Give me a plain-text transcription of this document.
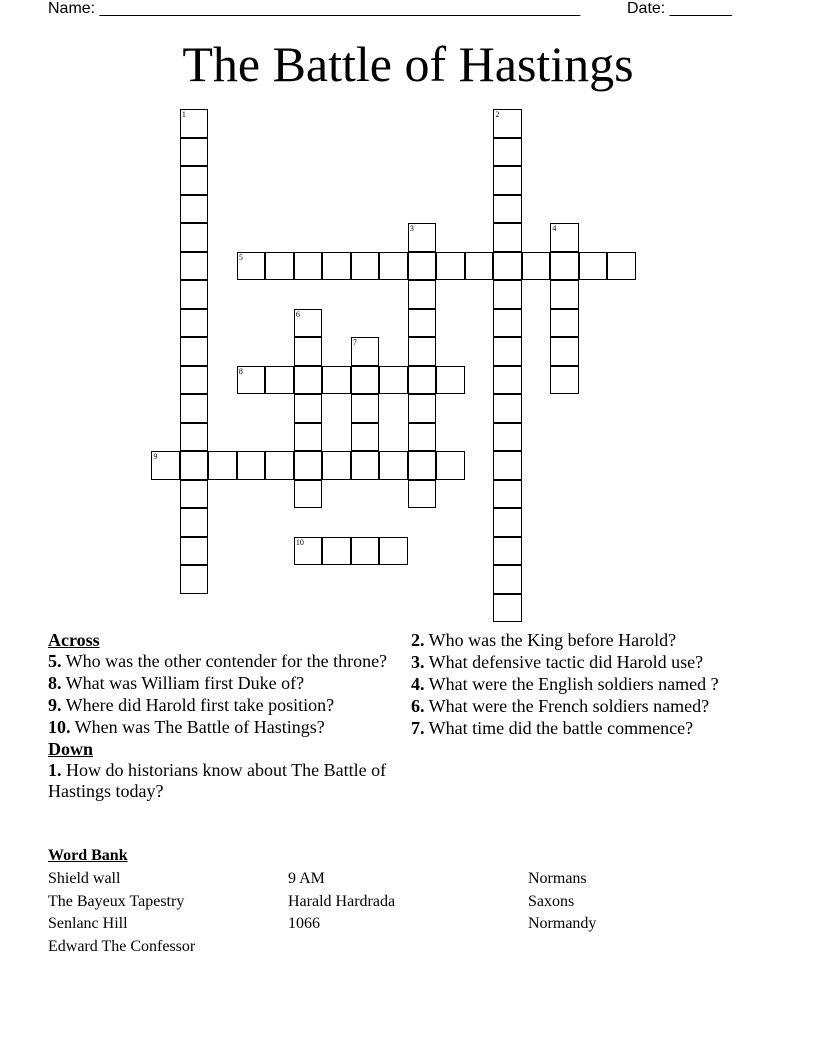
Name: ______________________________________________________	Date: _______
The Battle of Hastings
1	2
3	4
5
6
7
8
9
10
Across
5. Who was the other contender for the throne?
8. What was William first Duke of?
9. Where did Harold first take position?
10. When was The Battle of Hastings?
Down
1. How do historians know about The Battle of Hastings today?
2. Who was the King before Harold?
3. What defensive tactic did Harold use?
4. What were the English soldiers named ?
6. What were the French soldiers named?
7. What time did the battle commence?
Word Bank
Shield wall	9 AM	Normans
The Bayeux Tapestry	Harald Hardrada	Saxons
Senlanc Hill	1066	Normandy
Edward The Confessor
